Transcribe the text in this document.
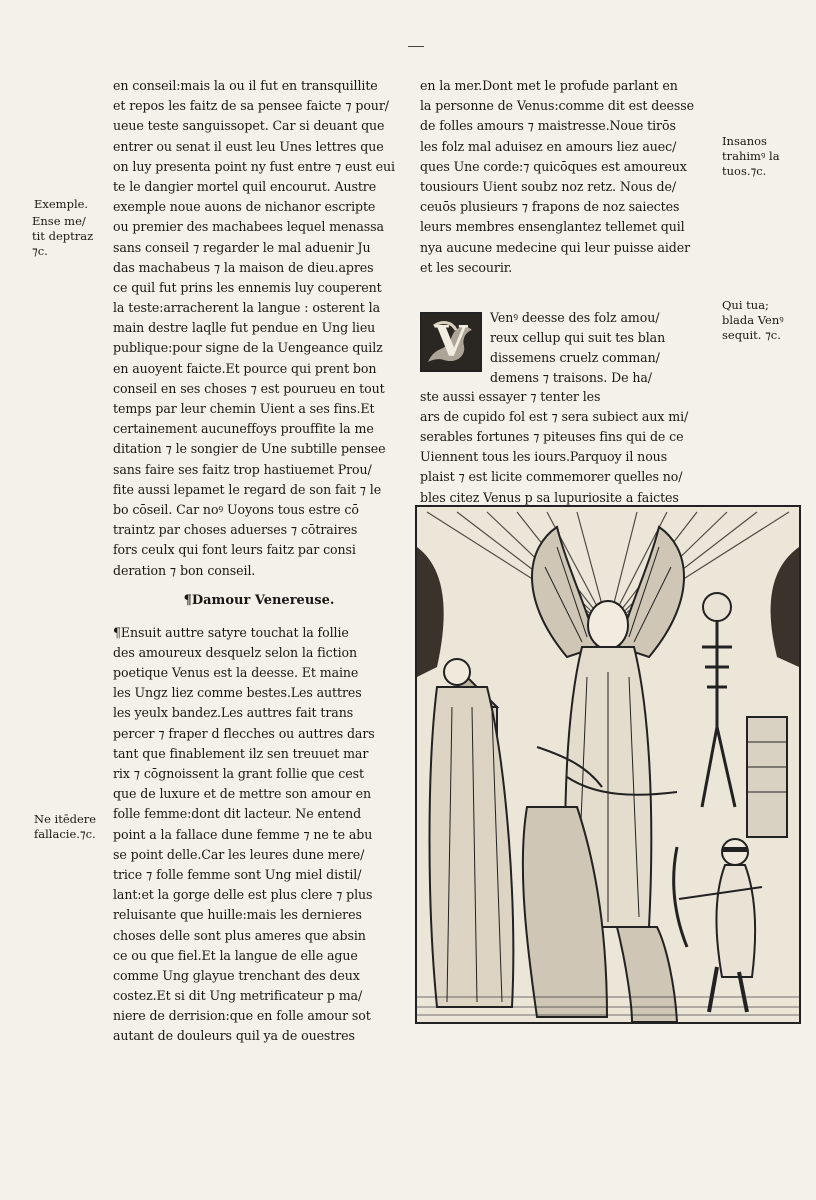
en conseil:mais la ou il fut en transquillite
et repos les faitz de sa pensee faicte ⁊ pour/
ueue teste sanguissopet. Car si deuant que
entrer ou senat il eust leu Unes lettres que
on luy presenta point ny fust entre ⁊ eust eui
te le dangier mortel quil encourut. Austre
exemple noue auons de nichanor escripte
ou premier des machabees lequel menassa
sans conseil ⁊ regarder le mal aduenir Ju
das machabeus ⁊ la maison de dieu.apres
ce quil fut prins les ennemis luy couperent
la teste:arracherent la langue : osterent la
main destre laqlle fut pendue en Ung lieu
publique:pour signe de la Uengeance quilz
en auoyent faicte.Et pource qui prent bon
conseil en ses choses ⁊ est pourueu en tout
temps par leur chemin Uient a ses fins.Et
certainement aucuneffoys prouffite la me
ditation ⁊ le songier de Une subtille pensee
sans faire ses faitz trop hastiuemet Prou/
fite aussi lepamet le regard de son fait ⁊ le
bo cōseil. Car noꝰ Uoyons tous estre cō
traintz par choses aduerses ⁊ cōtraires
fors ceulx qui font leurs faitz par consi
deration ⁊ bon conseil.
¶Damour Venereuse.
¶Ensuit auttre satyre touchat la follie
des amoureux desquelz selon la fiction
poetique Venus est la deesse. Et maine
les Ungz liez comme bestes.Les auttres
les yeulx bandez.Les auttres fait trans
percer ⁊ fraper d flecches ou auttres dars
tant que finablement ilz sen treuuet mar
rix ⁊ cōgnoissent la grant follie que cest
que de luxure et de mettre son amour en
folle femme:dont dit lacteur. Ne entend
point a la fallace dune femme ⁊ ne te abu
se point delle.Car les leures dune mere/
trice ⁊ folle femme sont Ung miel distil/
lant:et la gorge delle est plus clere ⁊ plus
reluisante que huille:mais les dernieres
choses delle sont plus ameres que absin
ce ou que fiel.Et la langue de elle ague
comme Ung glayue trenchant des deux
costez.Et si dit Ung metrificateur p ma/
niere de derrision:que en folle amour sot
autant de douleurs quil ya de ouestres
en la mer.Dont met le profude parlant en
la personne de Venus:comme dit est deesse
de folles amours ⁊ maistresse.Noue tirōs
les folz mal aduisez en amours liez auec/
ques Une corde:⁊ quicōques est amoureux
tousiours Uient soubz noz retz. Nous de/
ceuōs plusieurs ⁊ frapons de noz saiectes
leurs membres ensenglantez tellemet quil
nya aucune medecine qui leur puisse aider
et les secourir.
V	Venꝰ deesse des folz amou/
reux cellup qui suit tes blan
dissemens cruelz comman/
demens ⁊ traisons. De ha/
ste aussi essayer ⁊ tenter les
ars de cupido fol est ⁊ sera subiect aux mi/
serables fortunes ⁊ piteuses fins qui de ce
Uiennent tous les iours.Parquoy il nous
plaist ⁊ est licite commemorer quelles no/
bles citez Venus p sa lupuriosite a faictes
Exemple.
Ense me/
tit deptraz
⁊c.
Ne itēdere
fallacie.⁊c.
Insanos
trahimꝰ la
tuos.⁊c.
Qui tua;
blada Venꝰ
sequit. ⁊c.
